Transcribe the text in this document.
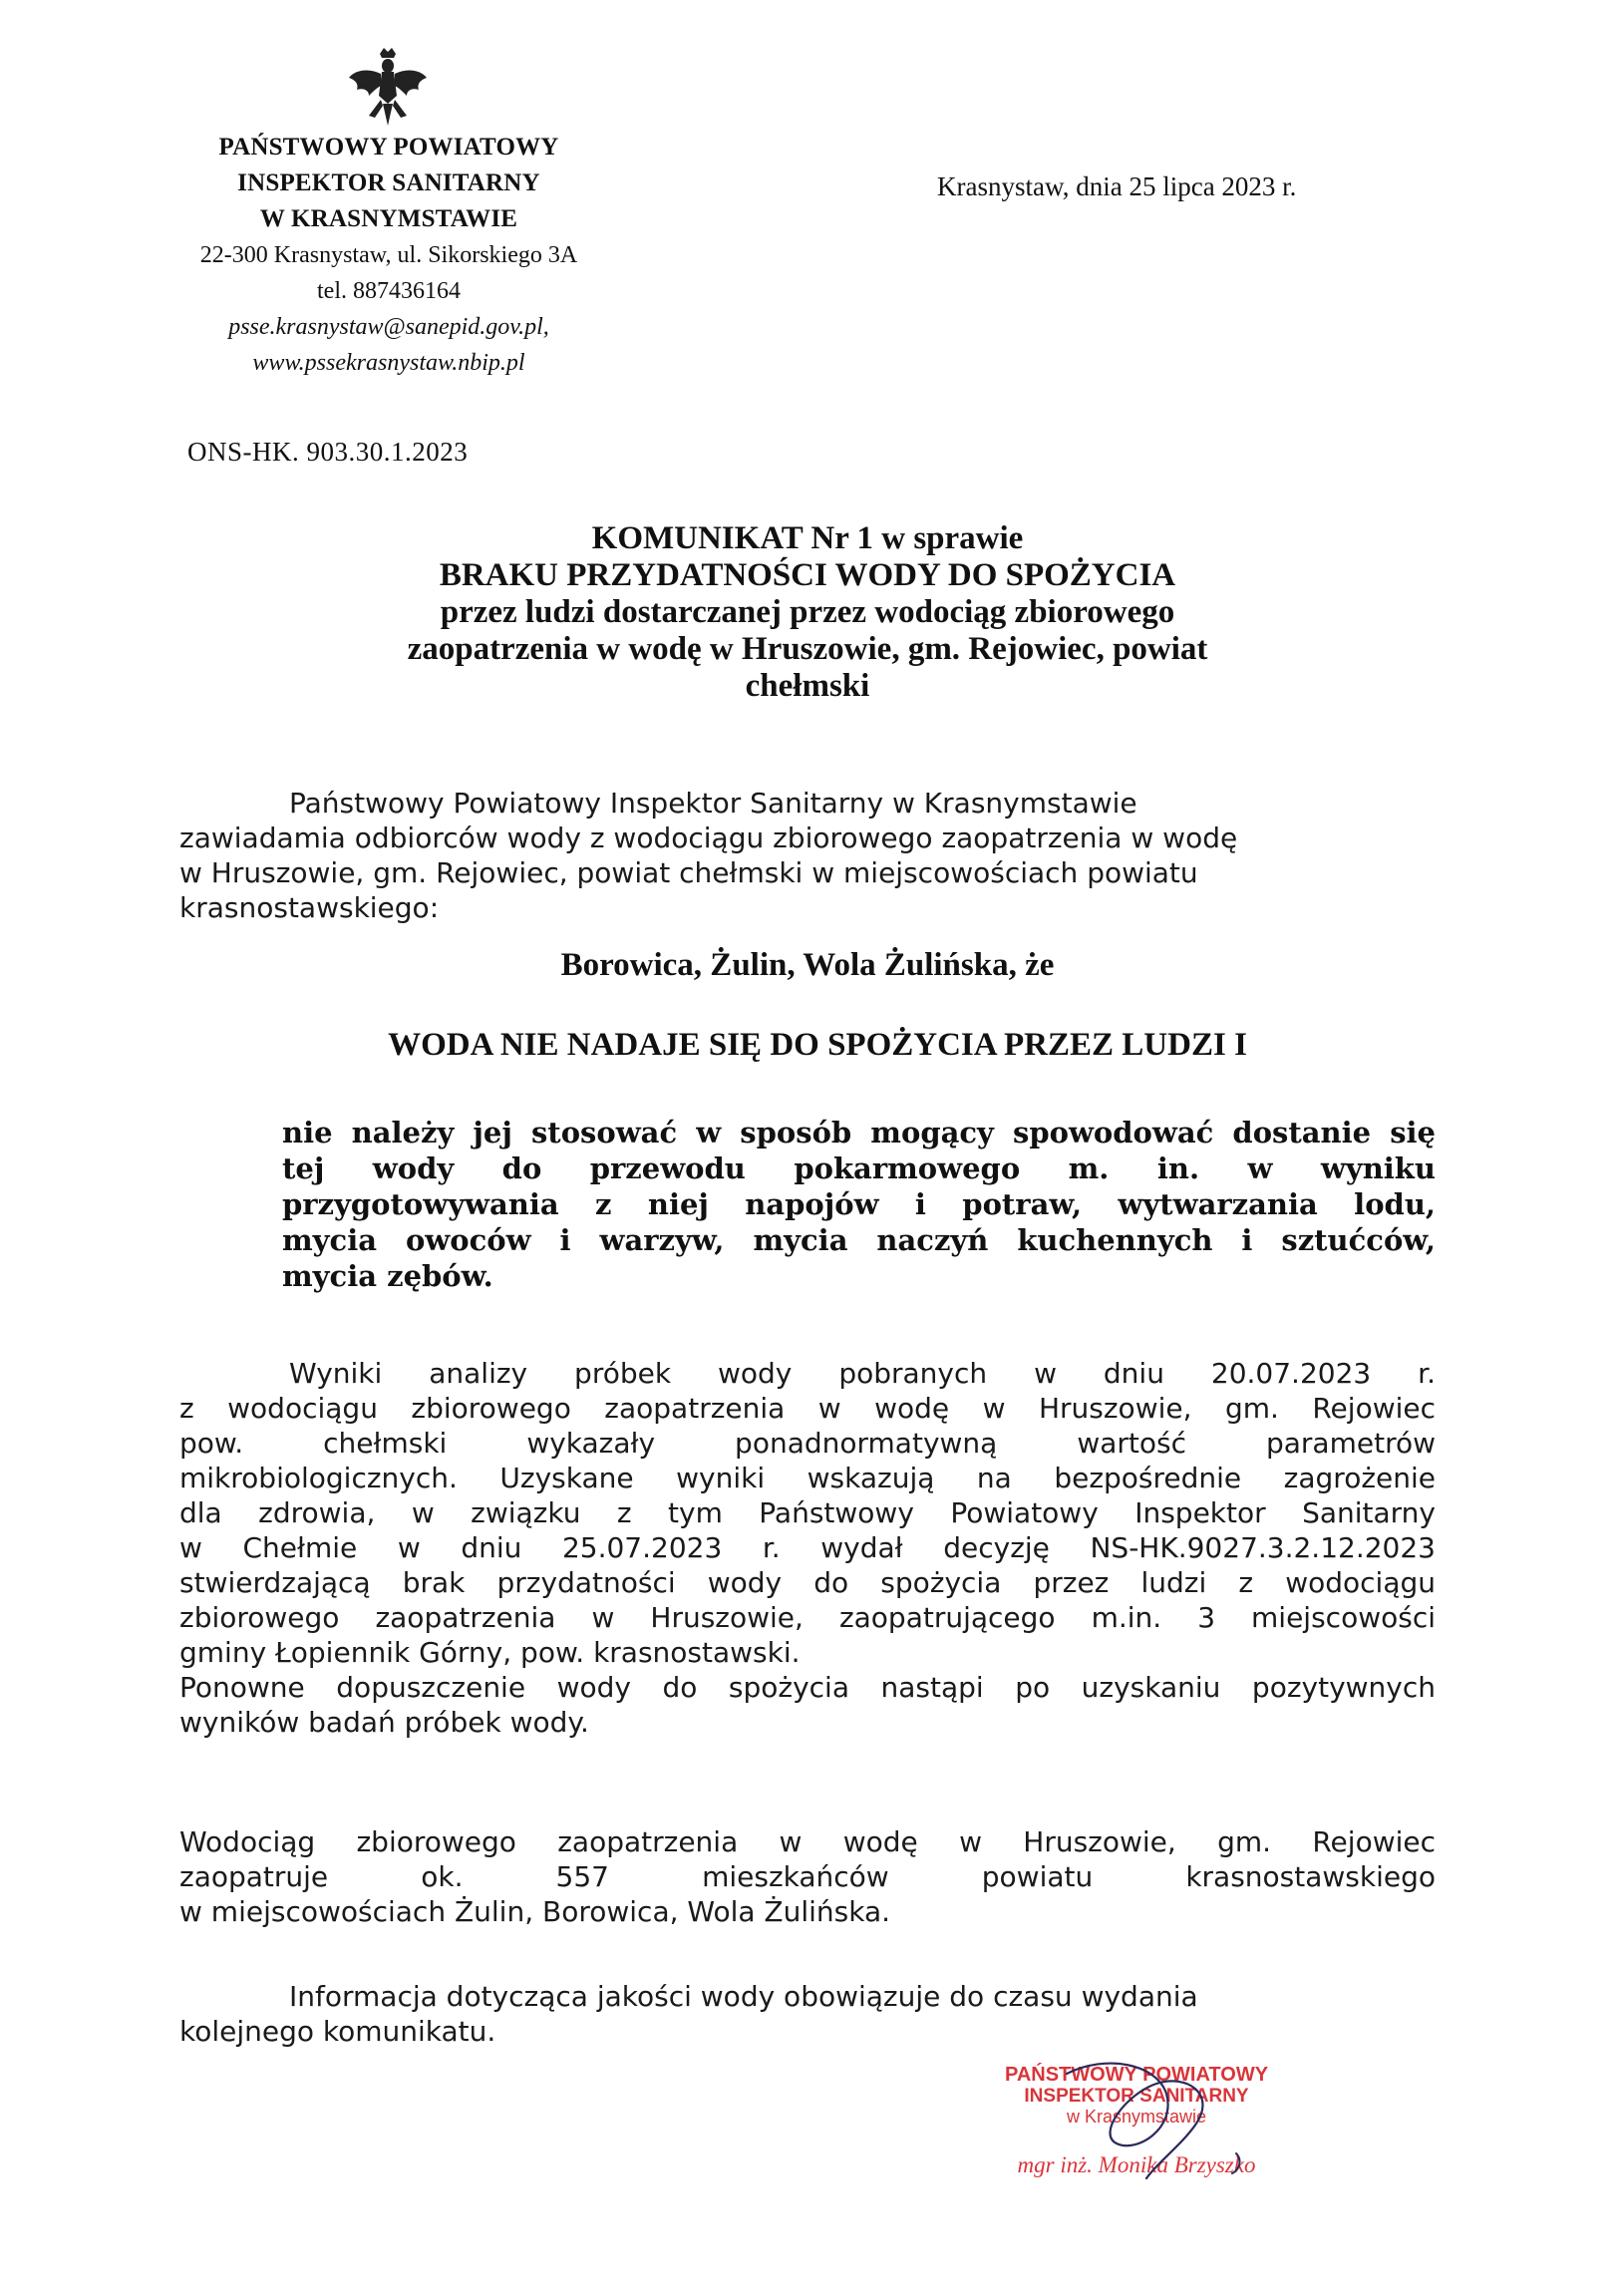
PAŃSTWOWY POWIATOWY
INSPEKTOR SANITARNY
W KRASNYMSTAWIE
22-300 Krasnystaw, ul. Sikorskiego 3A
tel. 887436164
psse.krasnystaw@sanepid.gov.pl,
www.pssekrasnystaw.nbip.pl
Krasnystaw, dnia 25 lipca 2023 r.
ONS-HK. 903.30.1.2023
KOMUNIKAT Nr 1 w sprawie
BRAKU PRZYDATNOŚCI WODY DO SPOŻYCIA
przez ludzi dostarczanej przez wodociąg zbiorowego
zaopatrzenia w wodę w Hruszowie, gm. Rejowiec, powiat
chełmski
Państwowy Powiatowy Inspektor Sanitarny w Krasnymstawie
zawiadamia odbiorców wody z wodociągu zbiorowego zaopatrzenia w wodę
w Hruszowie, gm. Rejowiec, powiat chełmski w miejscowościach powiatu
krasnostawskiego:
Borowica, Żulin, Wola Żulińska, że
WODA NIE NADAJE SIĘ DO SPOŻYCIA PRZEZ LUDZI I
nie należy jej stosować w sposób mogący spowodować dostanie się
tej wody do przewodu pokarmowego m. in. w wyniku
przygotowywania z niej napojów i potraw, wytwarzania lodu,
mycia owoców i warzyw, mycia naczyń kuchennych i sztućców,
mycia zębów.
Wyniki analizy próbek wody pobranych w dniu 20.07.2023 r.
z wodociągu zbiorowego zaopatrzenia w wodę w Hruszowie, gm. Rejowiec
pow. chełmski wykazały ponadnormatywną wartość parametrów
mikrobiologicznych. Uzyskane wyniki wskazują na bezpośrednie zagrożenie
dla zdrowia, w związku z tym Państwowy Powiatowy Inspektor Sanitarny
w Chełmie w dniu 25.07.2023 r. wydał decyzję NS-HK.9027.3.2.12.2023
stwierdzającą brak przydatności wody do spożycia przez ludzi z wodociągu
zbiorowego zaopatrzenia w Hruszowie, zaopatrującego m.in. 3 miejscowości
gminy Łopiennik Górny, pow. krasnostawski.
Ponowne dopuszczenie wody do spożycia nastąpi po uzyskaniu pozytywnych
wyników badań próbek wody.
Wodociąg zbiorowego zaopatrzenia w wodę w Hruszowie, gm. Rejowiec
zaopatruje ok. 557 mieszkańców powiatu krasnostawskiego
w miejscowościach Żulin, Borowica, Wola Żulińska.
Informacja dotycząca jakości wody obowiązuje do czasu wydania
kolejnego komunikatu.
PAŃSTWOWY POWIATOWY
INSPEKTOR SANITARNY
w Krasnymstawie
mgr inż. Monika Brzyszko
